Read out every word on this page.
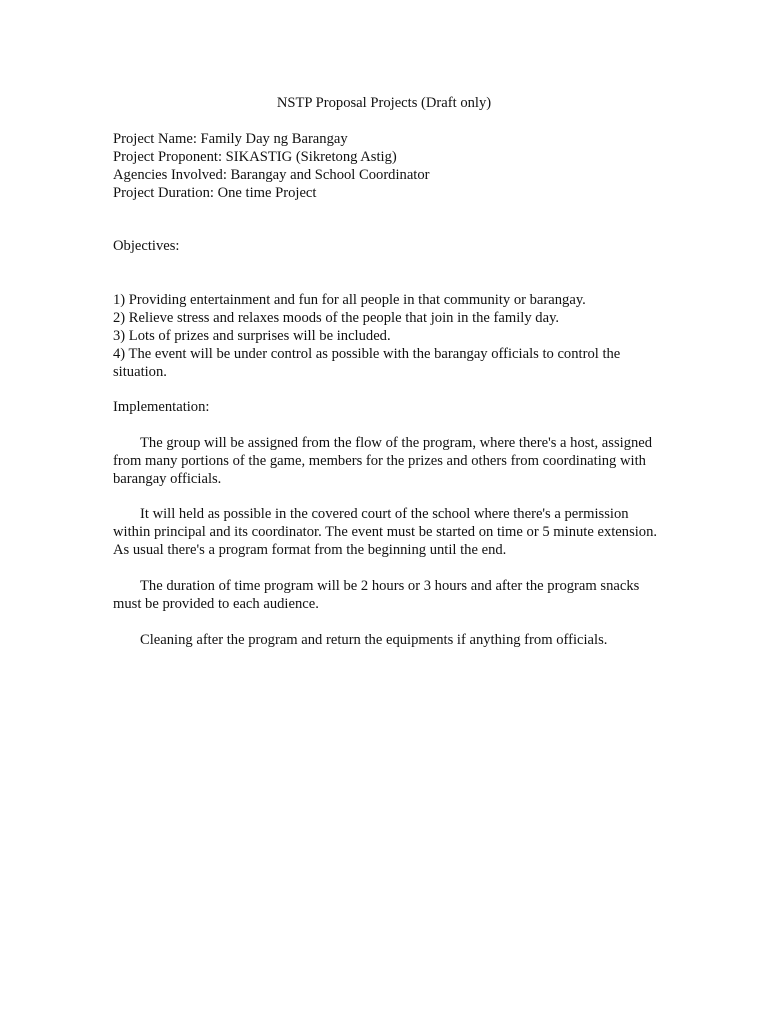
NSTP Proposal Projects (Draft only)
Project Name: Family Day ng Barangay
Project Proponent: SIKASTIG (Sikretong Astig)
Agencies Involved: Barangay and School Coordinator
Project Duration: One time Project
Objectives:
1) Providing entertainment and fun for all people in that community or barangay.
2) Relieve stress and relaxes moods of the people that join in the family day.
3) Lots of prizes and surprises will be included.
4) The event will be under control as possible with the barangay officials to control the situation.
Implementation:
The group will be assigned from the flow of the program, where there's a host, assigned from many portions of the game, members for the prizes and others from coordinating with barangay officials.
It will held as possible in the covered court of the school where there's a permission within principal and its coordinator. The event must be started on time or 5 minute extension. As usual there's a program format from the beginning until the end.
The duration of time program will be 2 hours or 3 hours and after the program snacks must be provided to each audience.
Cleaning after the program and return the equipments if anything from officials.
